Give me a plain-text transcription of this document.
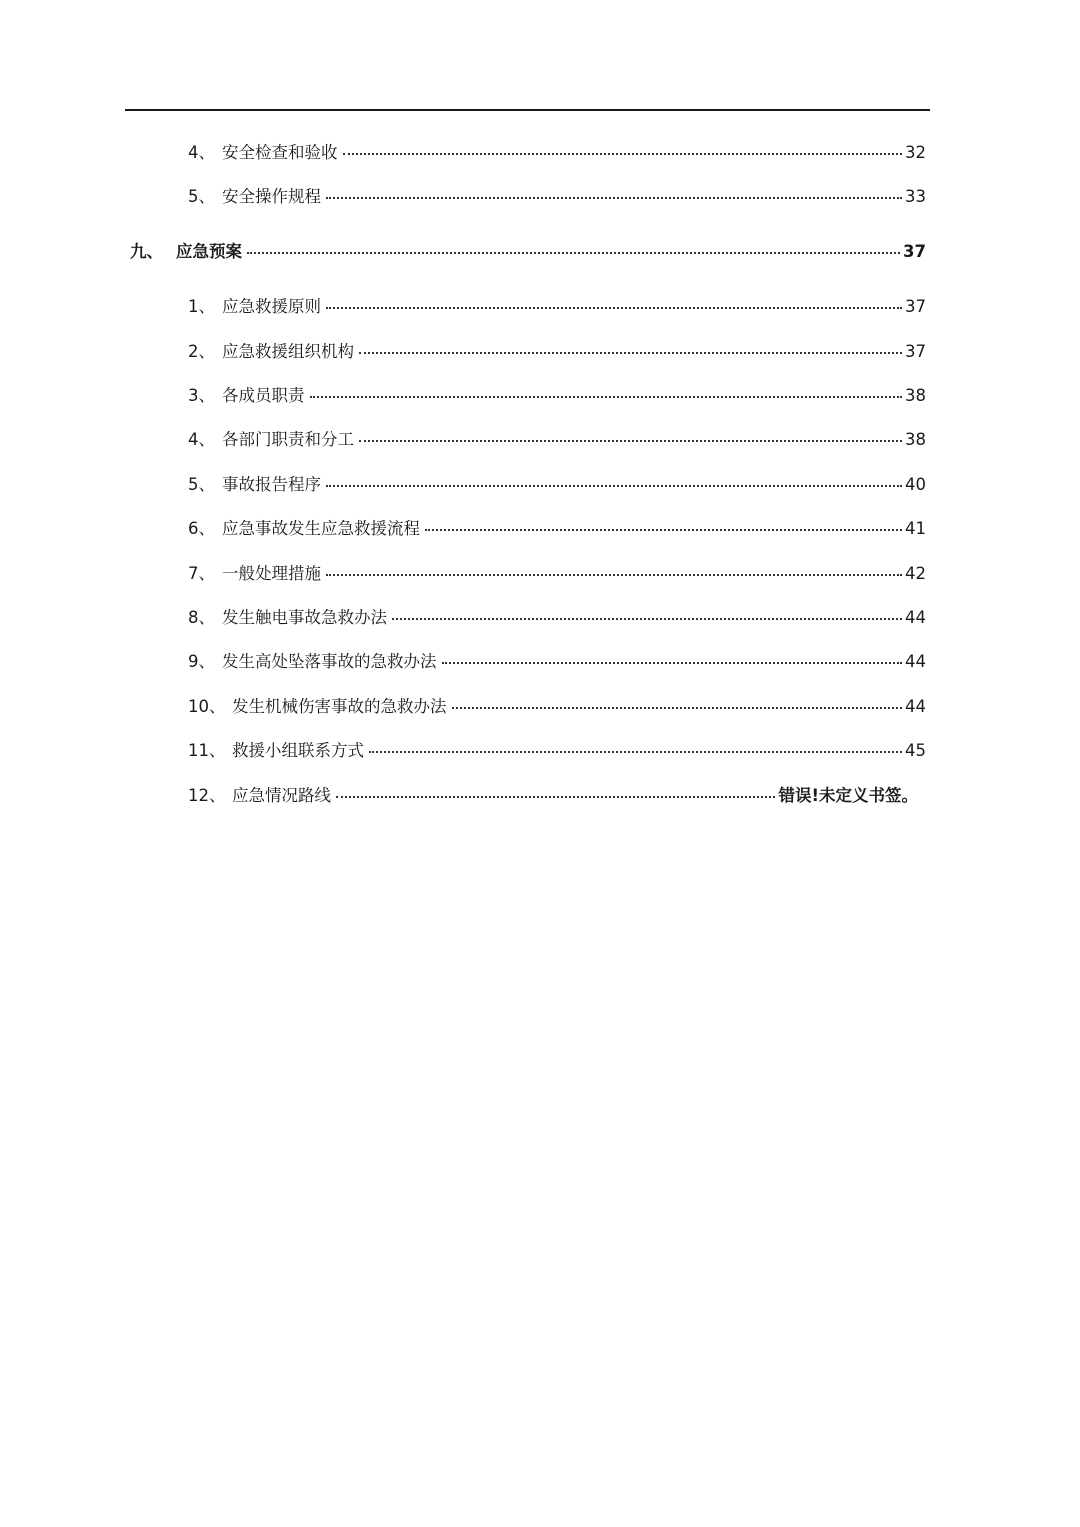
4、 安全检查和验收	32
5、 安全操作规程	33
九、 应急预案	37
1、 应急救援原则	37
2、 应急救援组织机构	37
3、 各成员职责	38
4、 各部门职责和分工	38
5、 事故报告程序	40
6、 应急事故发生应急救援流程	41
7、 一般处理措施	42
8、 发生触电事故急救办法	44
9、 发生高处坠落事故的急救办法	44
10、 发生机械伤害事故的急救办法	44
11、 救援小组联系方式	45
12、 应急情况路线	错误!未定义书签。
